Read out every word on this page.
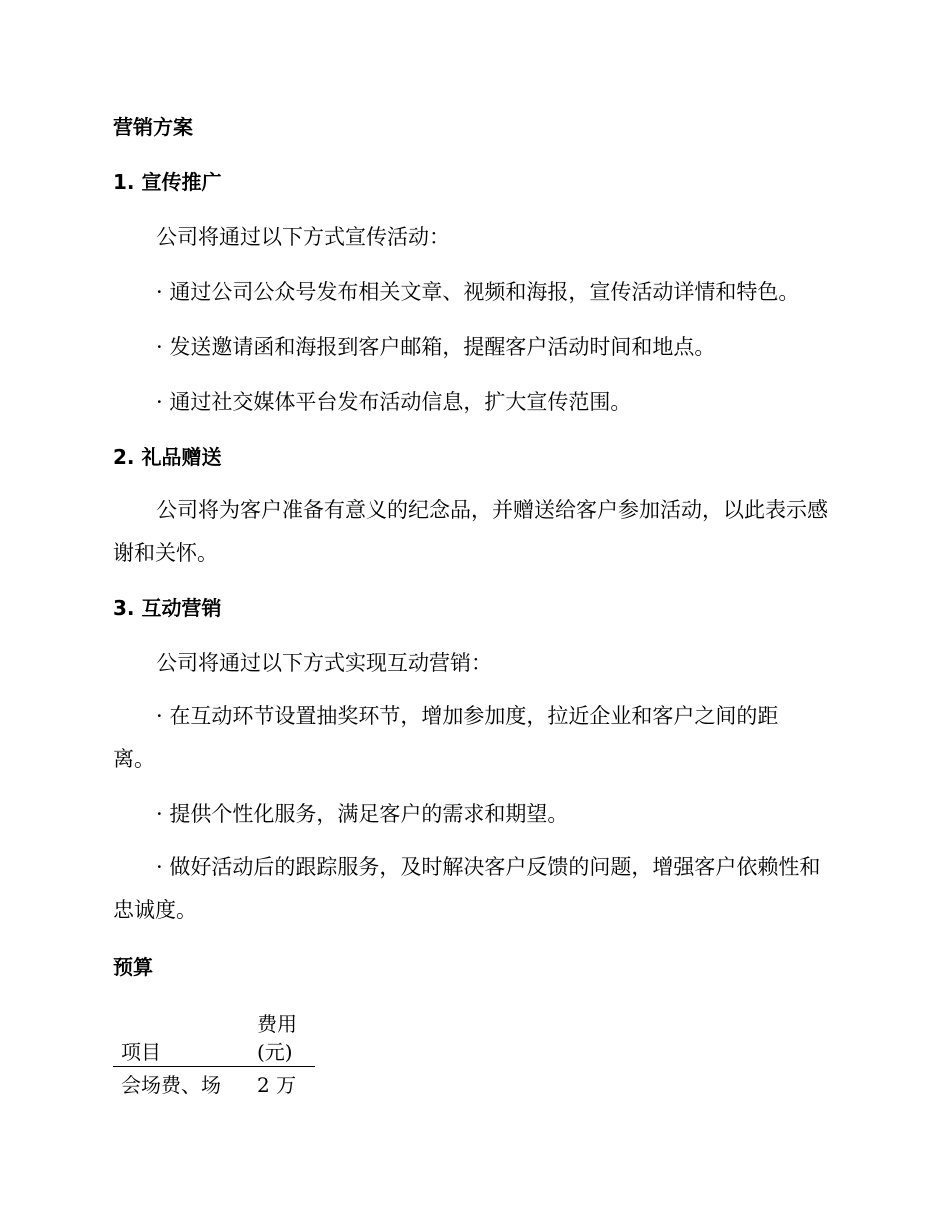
营销方案
1. 宣传推广
公司将通过以下方式宣传活动：
· 通过公司公众号发布相关文章、视频和海报，宣传活动详情和特色。
· 发送邀请函和海报到客户邮箱，提醒客户活动时间和地点。
· 通过社交媒体平台发布活动信息，扩大宣传范围。
2. 礼品赠送
公司将为客户准备有意义的纪念品，并赠送给客户参加活动，以此表示感谢和关怀。
3. 互动营销
公司将通过以下方式实现互动营销：
· 在互动环节设置抽奖环节，增加参加度，拉近企业和客户之间的距离。
· 提供个性化服务，满足客户的需求和期望。
· 做好活动后的跟踪服务，及时解决客户反馈的问题，增强客户依赖性和忠诚度。
预算
项目	费用(元)
会场费、场	2 万
